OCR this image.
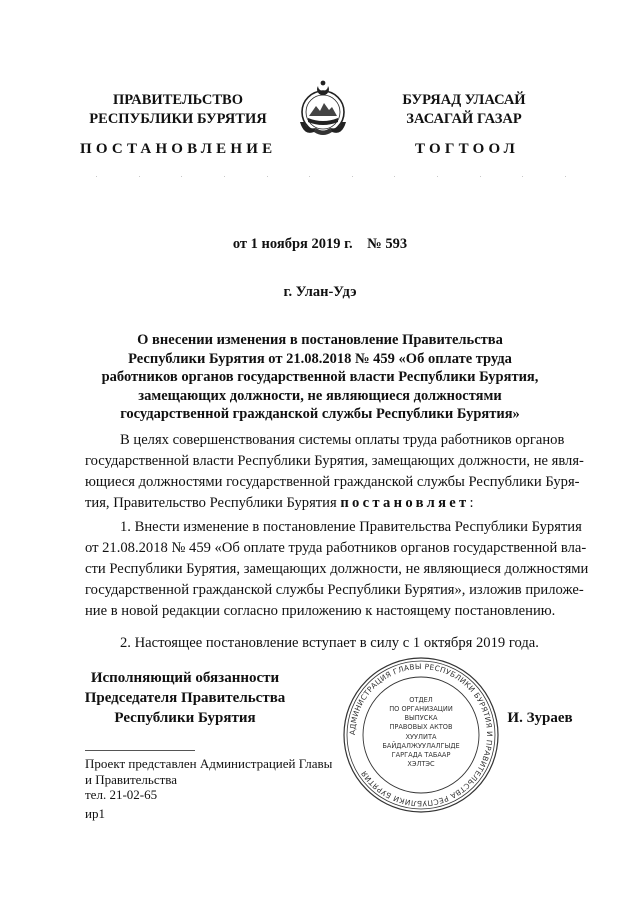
ПРАВИТЕЛЬСТВО
РЕСПУБЛИКИ БУРЯТИЯ
ПОСТАНОВЛЕНИЕ
БУРЯАД УЛАСАЙ
ЗАСАГАЙ ГАЗАР
ТОГТООЛ
от 1 ноября 2019 г.    № 593
г. Улан-Удэ
О внесении изменения в постановление Правительства
Республики Бурятия от 21.08.2018 № 459 «Об оплате труда
работников органов государственной власти Республики Бурятия,
замещающих должности, не являющиеся должностями
государственной гражданской службы Республики Бурятия»
В целях совершенствования системы оплаты труда работников органов
государственной власти Республики Бурятия, замещающих должности, не явля-
ющиеся должностями государственной гражданской службы Республики Буря-
тия, Правительство Республики Бурятия постановляет:
1. Внести изменение в постановление Правительства Республики Бурятия
от 21.08.2018 № 459 «Об оплате труда работников органов государственной вла-
сти Республики Бурятия, замещающих должности, не являющиеся должностями
государственной гражданской службы Республики Бурятия», изложив приложе-
ние в новой редакции согласно приложению к настоящему постановлению.
2. Настоящее постановление вступает в силу с 1 октября 2019 года.
Исполняющий обязанности
Председателя Правительства
Республики Бурятия
АДМИНИСТРАЦИЯ ГЛАВЫ РЕСПУБЛИКИ БУРЯТИЯ И ПРАВИТЕЛЬСТВА РЕСПУБЛИКИ БУРЯТИЯ
ОТДЕЛ
ПО ОРГАНИЗАЦИИ
ВЫПУСКА
ПРАВОВЫХ АКТОВ
ХУУЛИТА
БАЙДАЛЖУУЛАЛГЫДЕ
ГАРГАДА ТАБААР
ХЭЛТЭС
И. Зураев
Проект представлен Администрацией Главы
и Правительства
тел. 21-02-65
ир1
